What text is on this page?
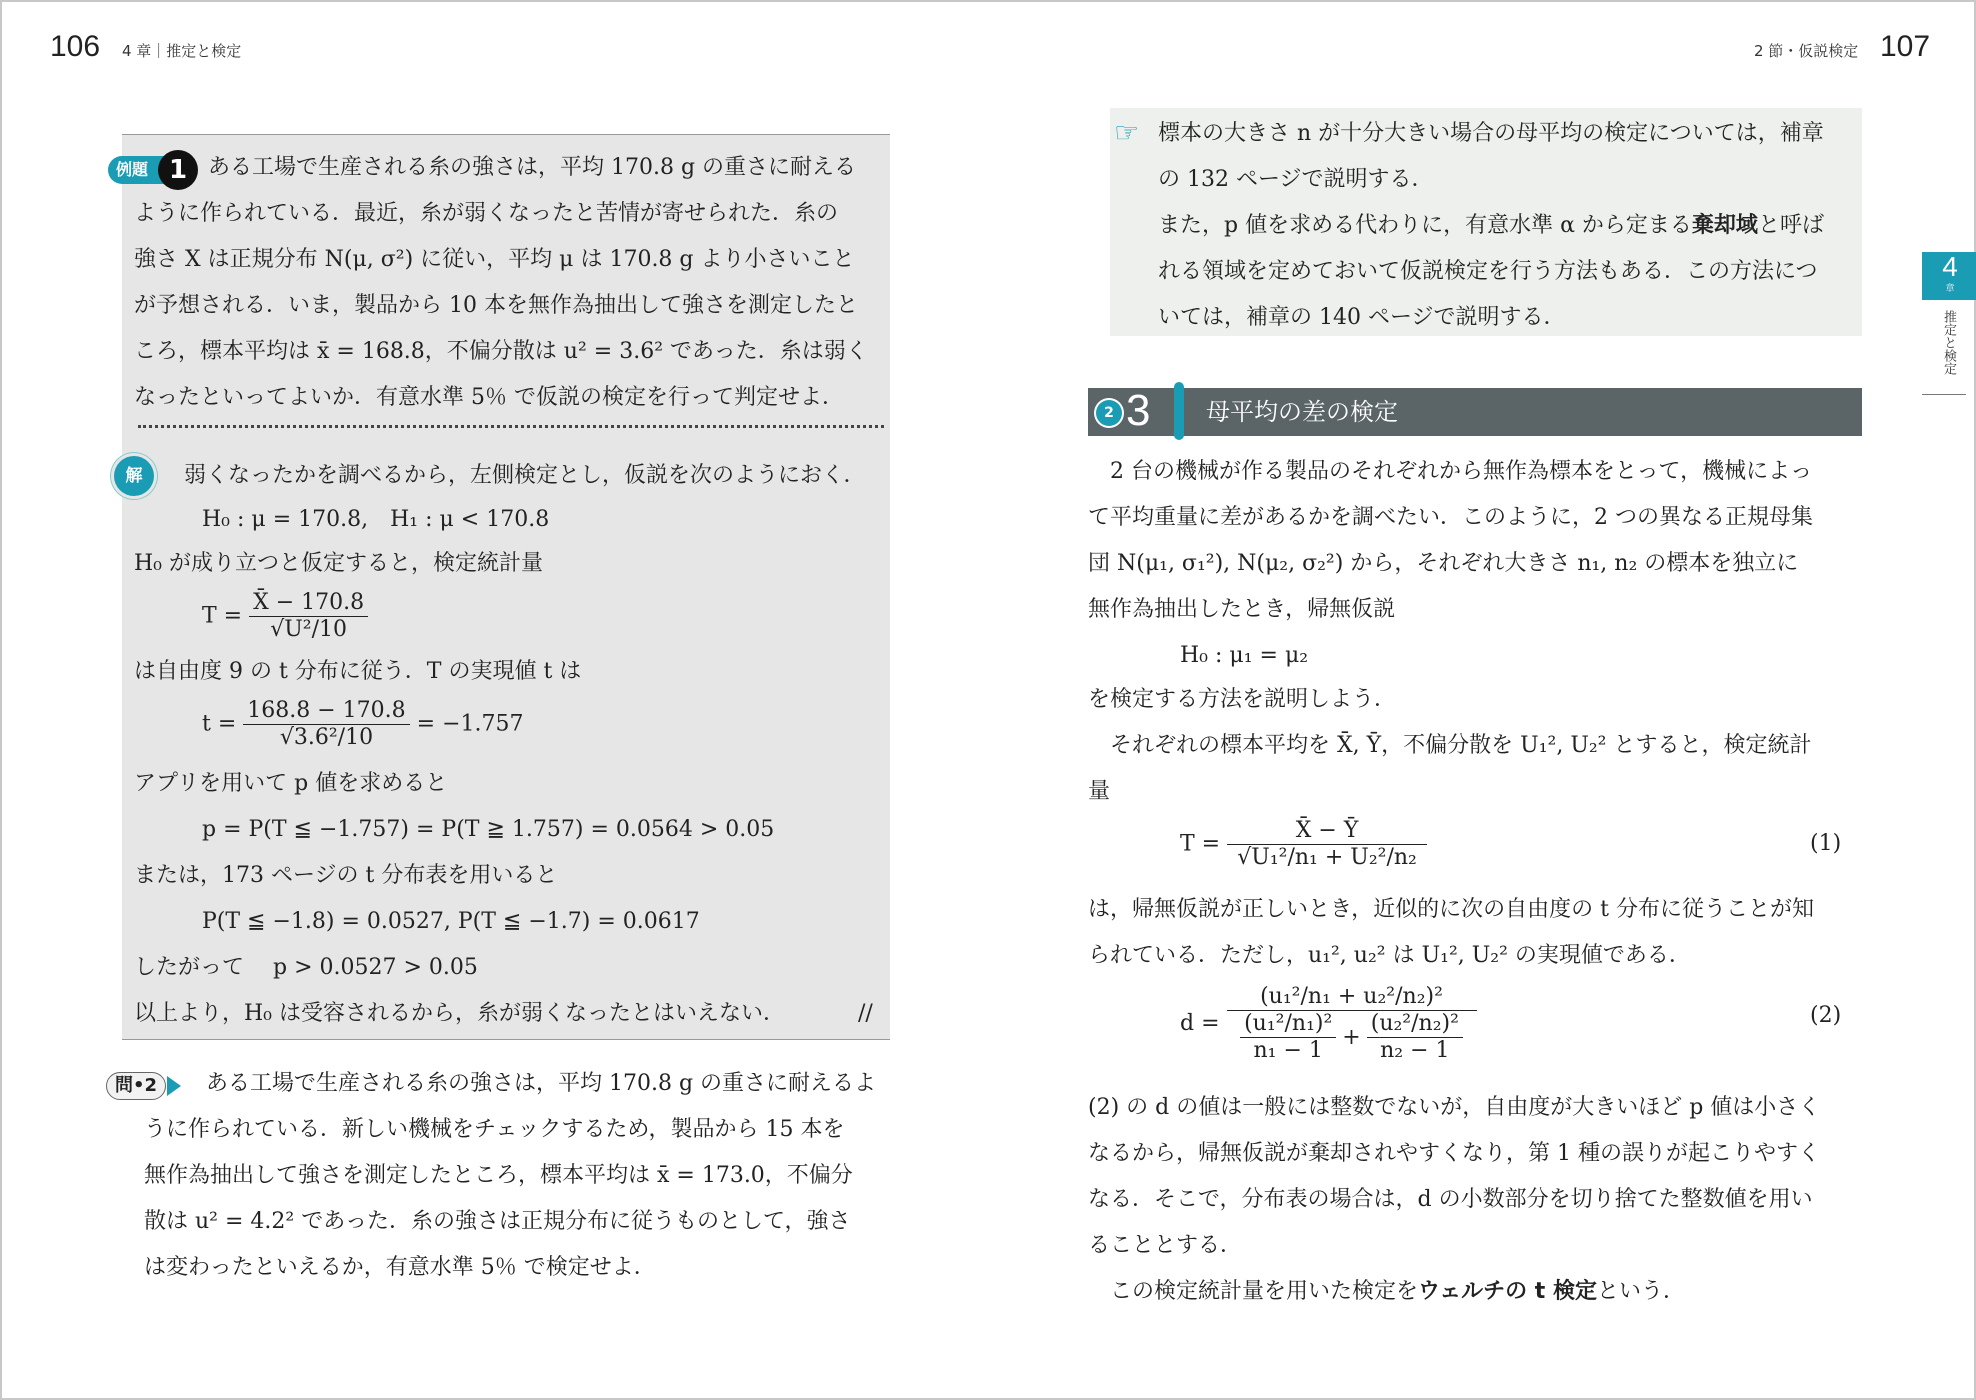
106 4 章｜推定と検定	2 節・仮説検定 107
4
章
推定と検定
例題 1 ある工場で生産される糸の強さは，平均 170.8 g の重さに耐える
ように作られている．最近，糸が弱くなったと苦情が寄せられた．糸の
強さ X は正規分布 N(μ, σ²) に従い，平均 μ は 170.8 g より小さいこと
が予想される．いま，製品から 10 本を無作為抽出して強さを測定したと
ころ，標本平均は x̄ = 168.8，不偏分散は u² = 3.6² であった．糸は弱く
なったといってよいか．有意水準 5％ で仮説の検定を行って判定せよ．
解	弱くなったかを調べるから，左側検定とし，仮説を次のようにおく．
H₀ : μ = 170.8,　H₁ : μ < 170.8
H₀ が成り立つと仮定すると，検定統計量
$T = \frac{X̄ - 170.8}{\text{√U²/10}}$
は自由度 9 の t 分布に従う．T の実現値 t は
$t = \frac{168.8 - 170.8}{\text{√3.6²/10}} = -1.757$
アプリを用いて p 値を求めると
p = P(T ≦ −1.757) = P(T ≧ 1.757) = 0.0564 > 0.05
または，173 ページの t 分布表を用いると
P(T ≦ −1.8) = 0.0527, P(T ≦ −1.7) = 0.0617
したがって　 p > 0.0527 > 0.05
以上より，H₀ は受容されるから，糸が弱くなったとはいえない．	//
問•2	ある工場で生産される糸の強さは，平均 170.8 g の重さに耐えるよ
うに作られている．新しい機械をチェックするため，製品から 15 本を
無作為抽出して強さを測定したところ，標本平均は x̄ = 173.0，不偏分
散は u² = 4.2² であった．糸の強さは正規分布に従うものとして，強さ
は変わったといえるか，有意水準 5％ で検定せよ．
☞ 標本の大きさ n が十分大きい場合の母平均の検定については，補章
の 132 ページで説明する．
また，p 値を求める代わりに，有意水準 α から定まる棄却域と呼ば
れる領域を定めておいて仮説検定を行う方法もある．この方法につ
いては，補章の 140 ページで説明する．
2 3 母平均の差の検定
2 台の機械が作る製品のそれぞれから無作為標本をとって，機械によっ
て平均重量に差があるかを調べたい．このように，2 つの異なる正規母集
団 N(μ₁, σ₁²), N(μ₂, σ₂²) から，それぞれ大きさ n₁, n₂ の標本を独立に
無作為抽出したとき，帰無仮説
H₀ : μ₁ = μ₂
を検定する方法を説明しよう．
それぞれの標本平均を X̄, Ȳ，不偏分散を U₁², U₂² とすると，検定統計
量
$T = \frac{X̄ - Ȳ}{\text{√U₁²/n₁ + U₂²/n₂}}$	(1)
は，帰無仮説が正しいとき，近似的に次の自由度の t 分布に従うことが知
られている．ただし，u₁², u₂² は U₁², U₂² の実現値である．
$d = \frac{\text{(u₁²/n₁ + u₂²/n₂)²}}{\frac{\text{(u₁²/n₁)²}}{\text{n₁ − 1}} + \frac{\text{(u₂²/n₂)²}}{\text{n₂ − 1}}}$	(2)
(2) の d の値は一般には整数でないが，自由度が大きいほど p 値は小さく
なるから，帰無仮説が棄却されやすくなり，第 1 種の誤りが起こりやすく
なる．そこで，分布表の場合は，d の小数部分を切り捨てた整数値を用い
ることとする．
この検定統計量を用いた検定をウェルチの t 検定という．
